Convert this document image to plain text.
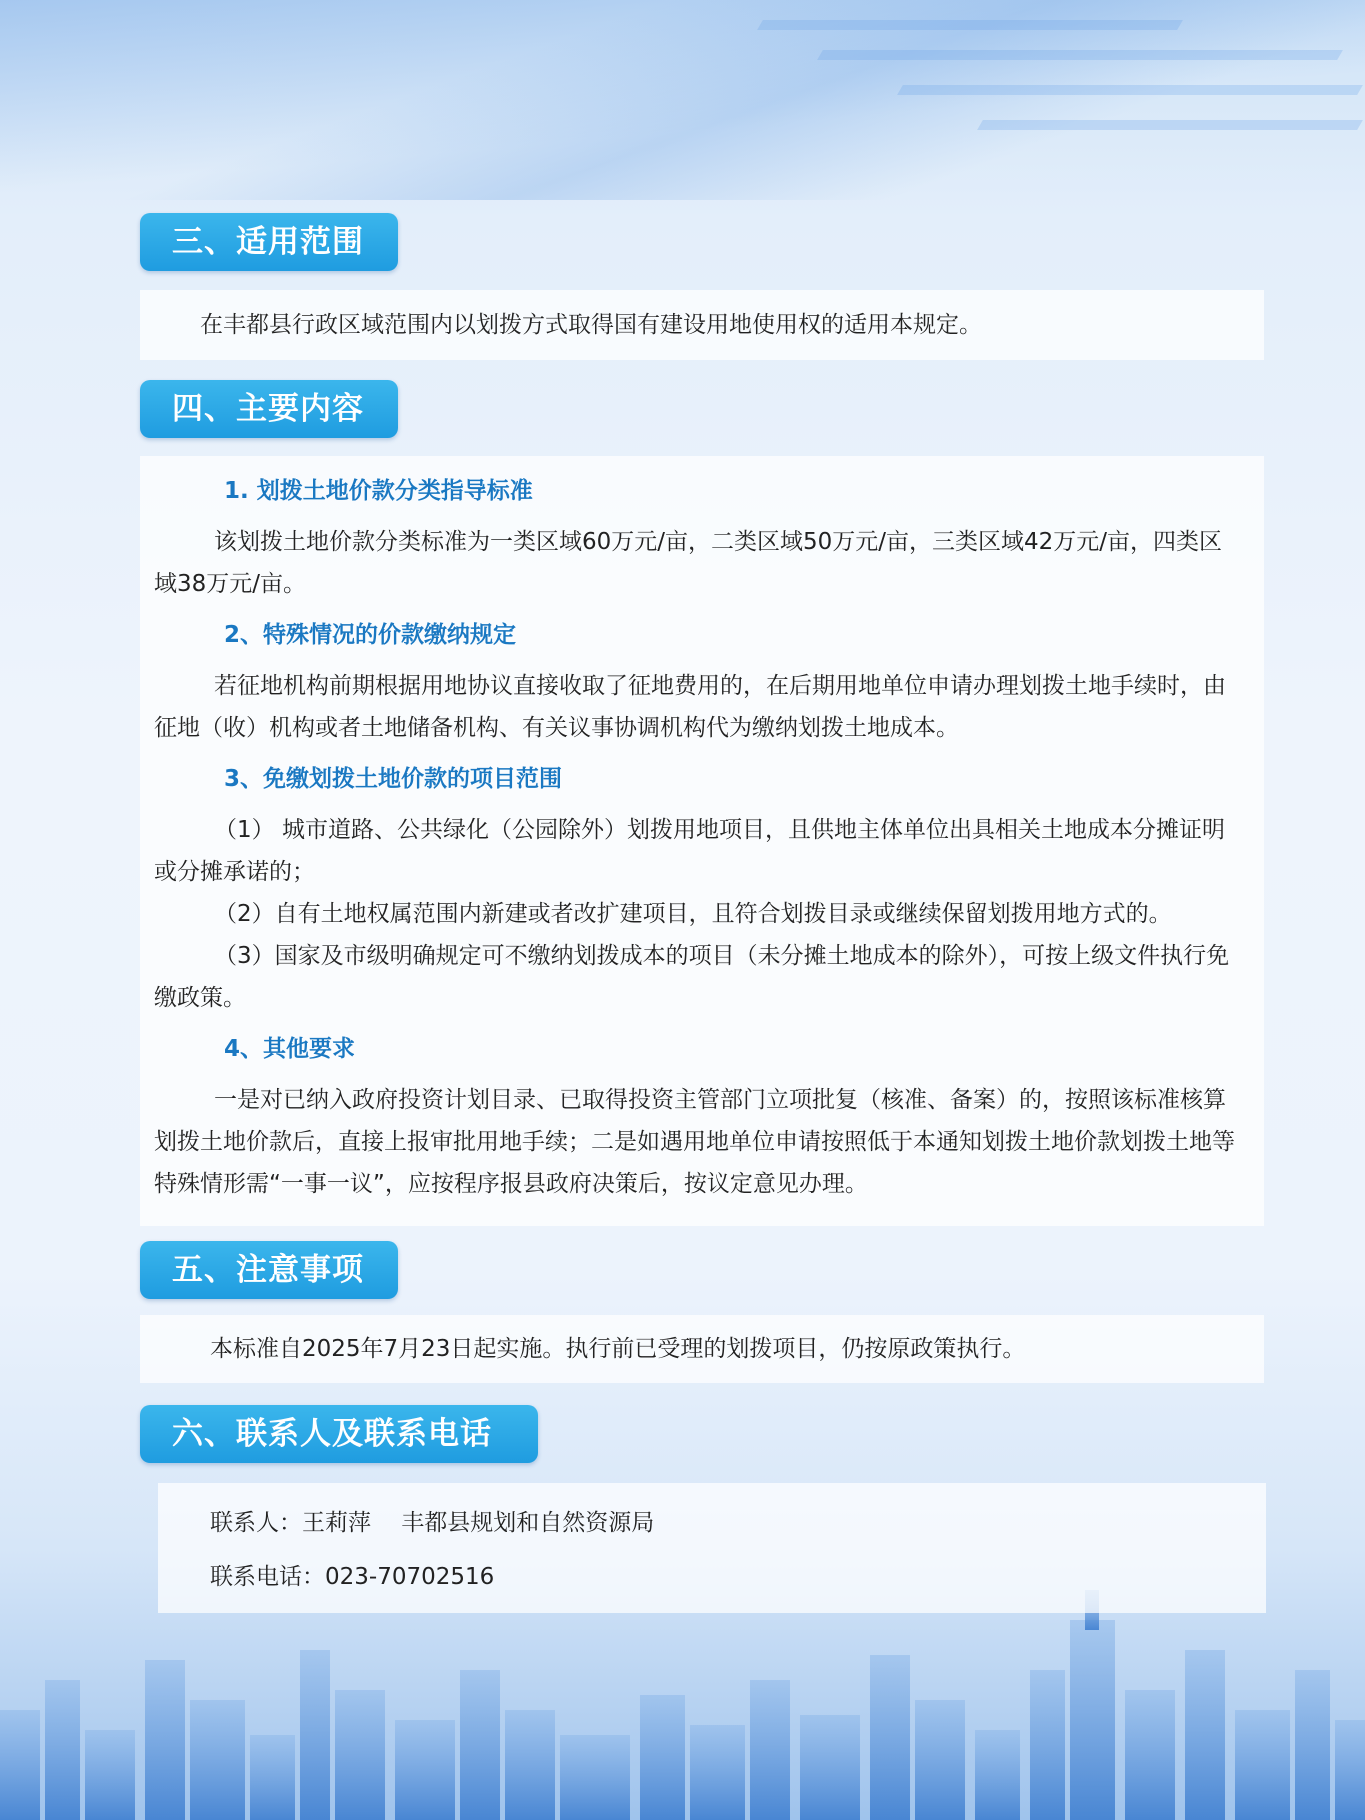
三、适用范围

在丰都县行政区域范围内以划拨方式取得国有建设用地使用权的适用本规定。

四、主要内容

1. 划拨土地价款分类指导标准

该划拨土地价款分类标准为一类区域60万元/亩，二类区域50万元/亩，三类区域42万元/亩，四类区域38万元/亩。

2、特殊情况的价款缴纳规定

若征地机构前期根据用地协议直接收取了征地费用的，在后期用地单位申请办理划拨土地手续时，由征地（收）机构或者土地储备机构、有关议事协调机构代为缴纳划拨土地成本。

3、免缴划拨土地价款的项目范围

（1） 城市道路、公共绿化（公园除外）划拨用地项目，且供地主体单位出具相关土地成本分摊证明或分摊承诺的；

（2）自有土地权属范围内新建或者改扩建项目，且符合划拨目录或继续保留划拨用地方式的。

（3）国家及市级明确规定可不缴纳划拨成本的项目（未分摊土地成本的除外），可按上级文件执行免缴政策。

4、其他要求

一是对已纳入政府投资计划目录、已取得投资主管部门立项批复（核准、备案）的，按照该标准核算划拨土地价款后，直接上报审批用地手续；二是如遇用地单位申请按照低于本通知划拨土地价款划拨土地等特殊情形需“一事一议”，应按程序报县政府决策后，按议定意见办理。

五、注意事项

本标准自2025年7月23日起实施。执行前已受理的划拨项目，仍按原政策执行。

六、联系人及联系电话

联系人：王莉萍　 丰都县规划和自然资源局

联系电话：023-70702516
